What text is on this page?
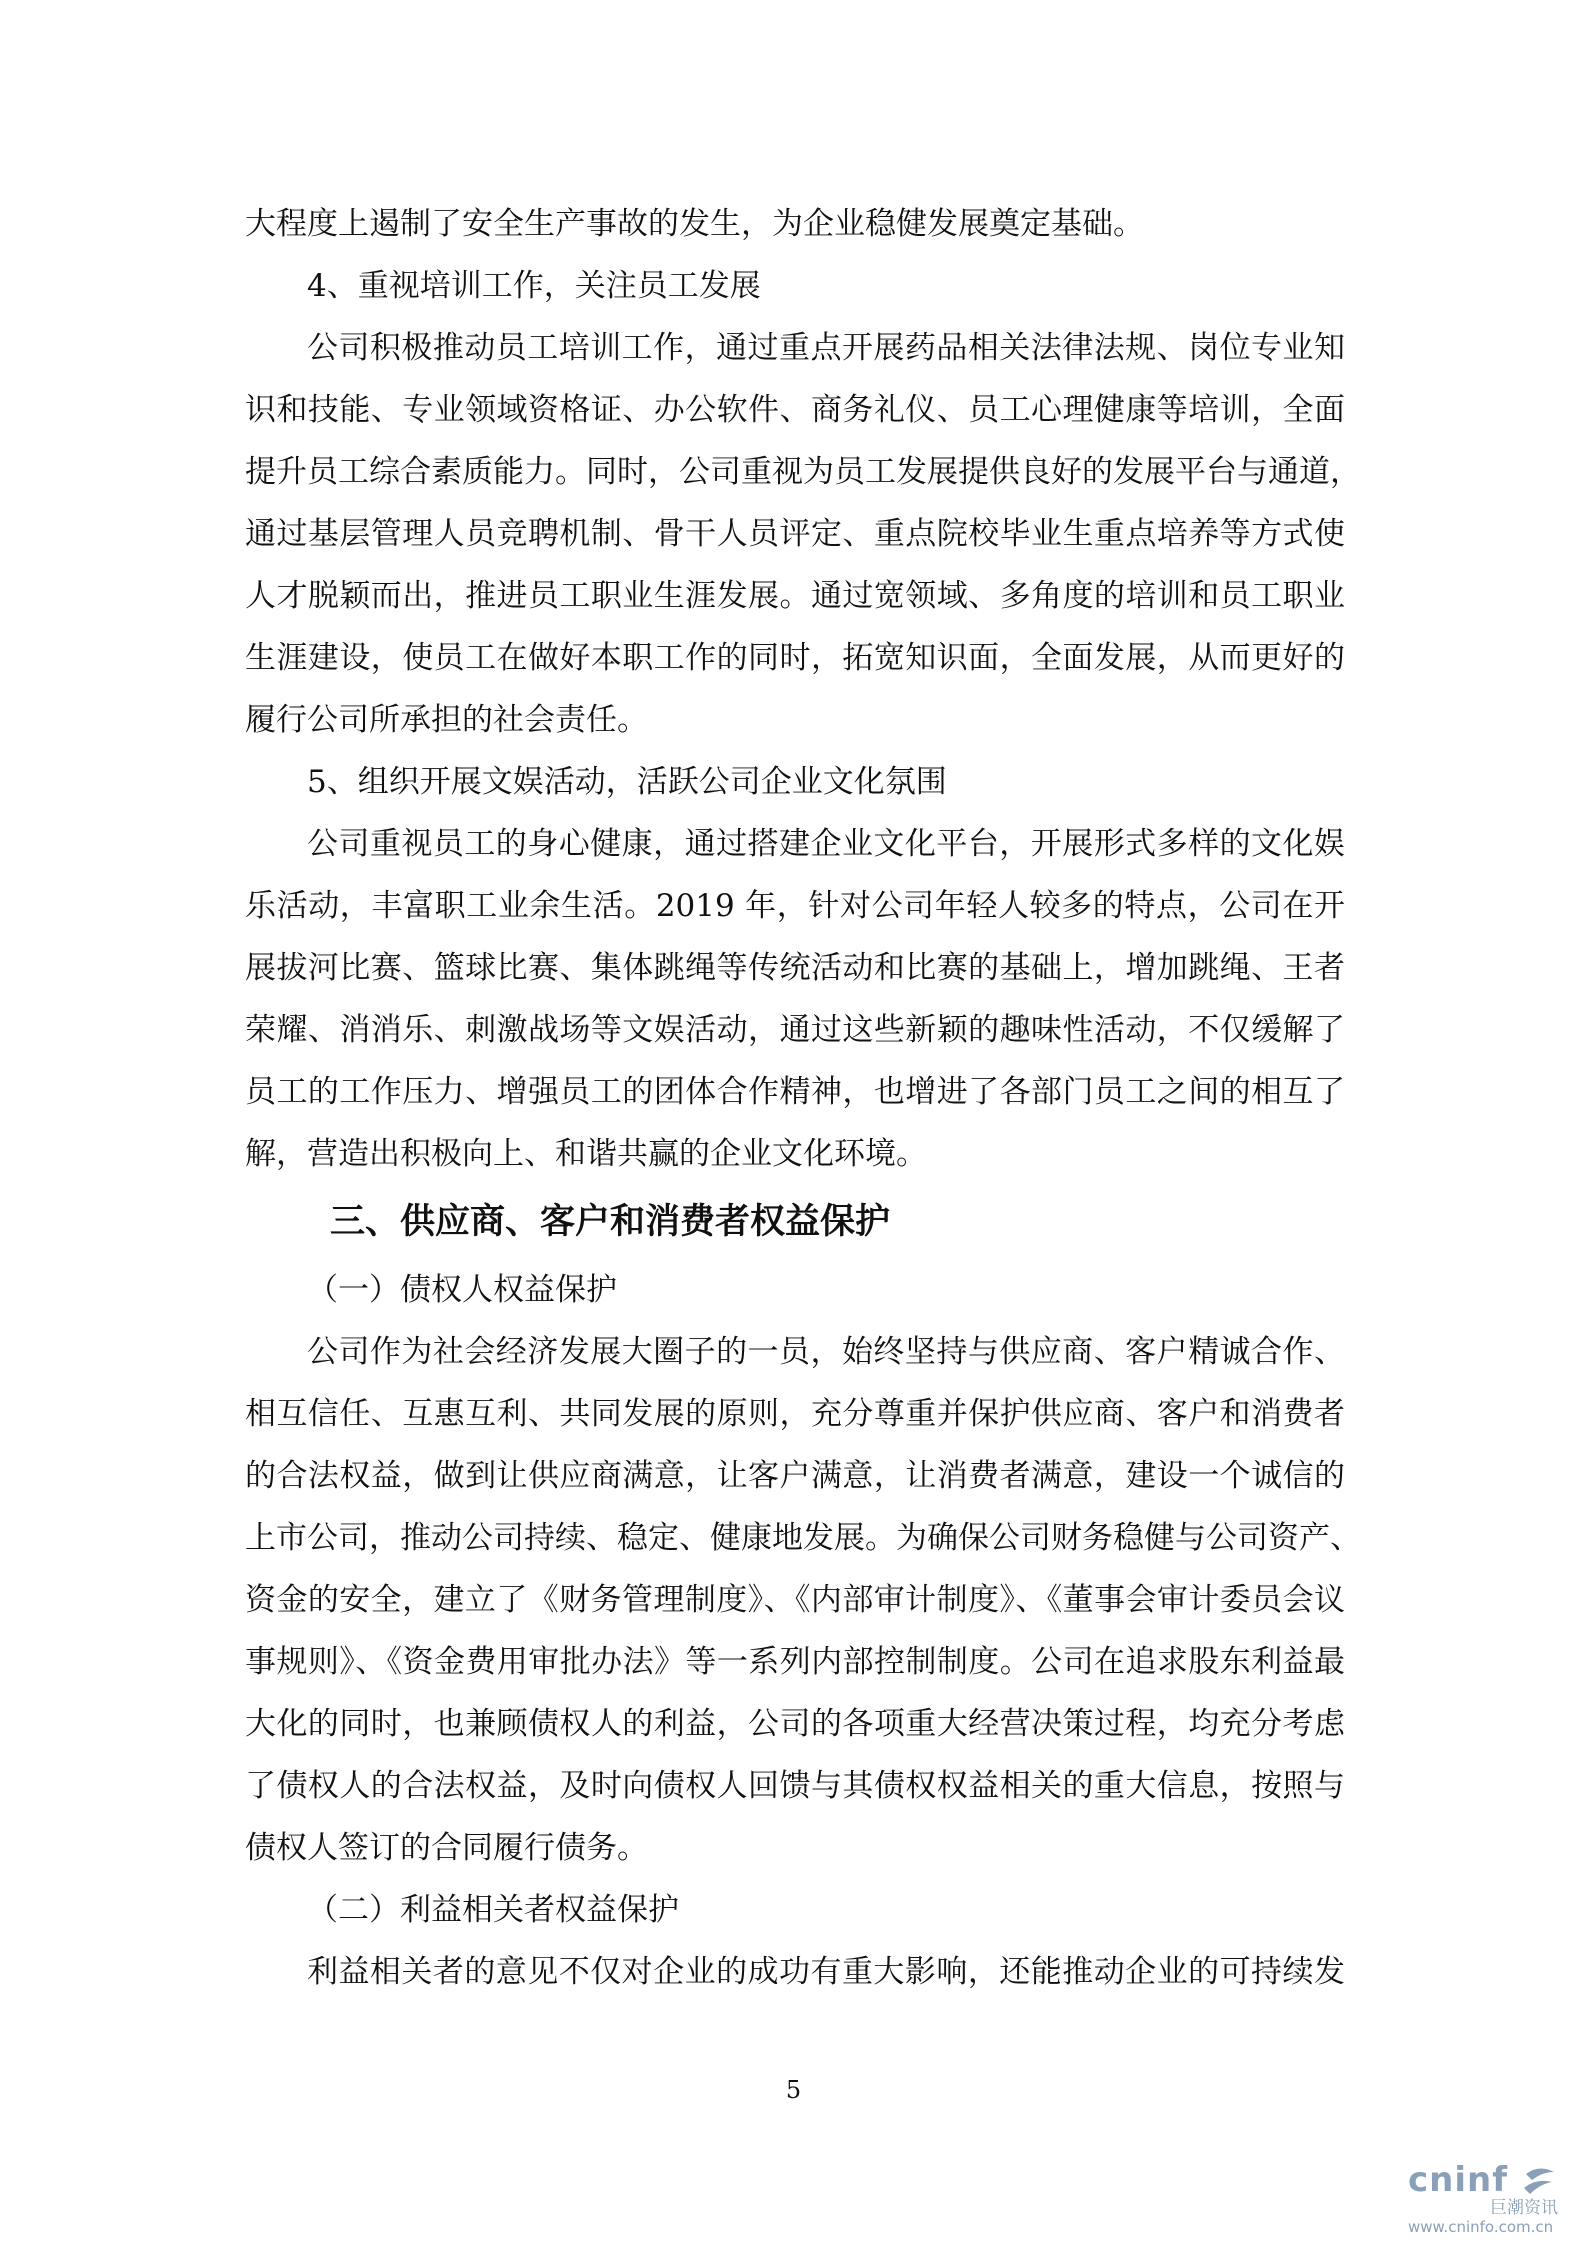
大程度上遏制了安全生产事故的发生，为企业稳健发展奠定基础。

4、重视培训工作，关注员工发展

公司积极推动员工培训工作，通过重点开展药品相关法律法规、岗位专业知

识和技能、专业领域资格证、办公软件、商务礼仪、员工心理健康等培训，全面

提升员工综合素质能力。同时，公司重视为员工发展提供良好的发展平台与通道，

通过基层管理人员竞聘机制、骨干人员评定、重点院校毕业生重点培养等方式使

人才脱颖而出，推进员工职业生涯发展。通过宽领域、多角度的培训和员工职业

生涯建设，使员工在做好本职工作的同时，拓宽知识面，全面发展，从而更好的

履行公司所承担的社会责任。

5、组织开展文娱活动，活跃公司企业文化氛围

公司重视员工的身心健康，通过搭建企业文化平台，开展形式多样的文化娱

乐活动，丰富职工业余生活。2019 年，针对公司年轻人较多的特点，公司在开

展拔河比赛、篮球比赛、集体跳绳等传统活动和比赛的基础上，增加跳绳、王者

荣耀、消消乐、刺激战场等文娱活动，通过这些新颖的趣味性活动，不仅缓解了

员工的工作压力、增强员工的团体合作精神，也增进了各部门员工之间的相互了

解，营造出积极向上、和谐共赢的企业文化环境。

三、供应商、客户和消费者权益保护

（一）债权人权益保护

公司作为社会经济发展大圈子的一员，始终坚持与供应商、客户精诚合作、

相互信任、互惠互利、共同发展的原则，充分尊重并保护供应商、客户和消费者

的合法权益，做到让供应商满意，让客户满意，让消费者满意，建设一个诚信的

上市公司，推动公司持续、稳定、健康地发展。为确保公司财务稳健与公司资产、

资金的安全，建立了《财务管理制度》、《内部审计制度》、《董事会审计委员会议

事规则》、《资金费用审批办法》等一系列内部控制制度。公司在追求股东利益最

大化的同时，也兼顾债权人的利益，公司的各项重大经营决策过程，均充分考虑

了债权人的合法权益，及时向债权人回馈与其债权权益相关的重大信息，按照与

债权人签订的合同履行债务。

（二）利益相关者权益保护

利益相关者的意见不仅对企业的成功有重大影响，还能推动企业的可持续发

5

cninf
巨潮资讯
www.cninfo.com.cn
